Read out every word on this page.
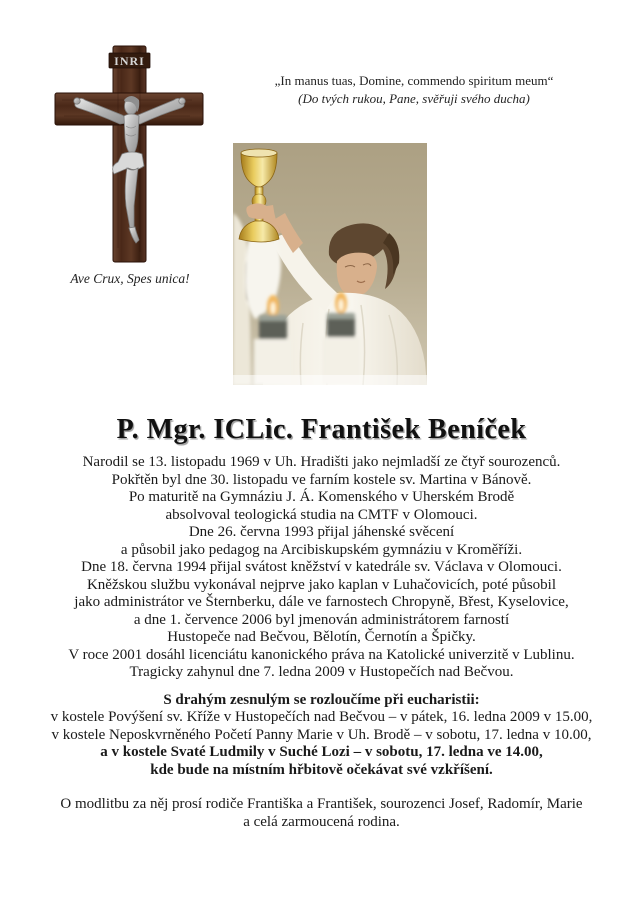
INRI
„In manus tuas, Domine, commendo spiritum meum“
(Do tvých rukou, Pane, svěřuji svého ducha)
Ave Crux, Spes unica!
P. Mgr. ICLic. František Beníček
Narodil se 13. listopadu 1969 v Uh. Hradišti jako nejmladší ze čtyř sourozenců.
Pokřtěn byl dne 30. listopadu ve farním kostele sv. Martina v Bánově.
Po maturitě na Gymnáziu J. Á. Komenského v Uherském Brodě
absolvoval teologická studia na CMTF v Olomouci.
Dne 26. června 1993 přijal jáhenské svěcení
a působil jako pedagog na Arcibiskupském gymnáziu v Kroměříži.
Dne 18. června 1994 přijal svátost kněžství v katedrále sv. Václava v Olomouci.
Kněžskou službu vykonával nejprve jako kaplan v Luhačovicích, poté působil
jako administrátor ve Šternberku, dále ve farnostech Chropyně, Břest, Kyselovice,
a dne 1. července 2006 byl jmenován administrátorem farností
Hustopeče nad Bečvou, Bělotín, Černotín a Špičky.
V roce 2001 dosáhl licenciátu kanonického práva na Katolické univerzitě v Lublinu.
Tragicky zahynul dne 7. ledna 2009 v Hustopečích nad Bečvou.
S drahým zesnulým se rozloučíme při eucharistii:
v kostele Povýšení sv. Kříže v Hustopečích nad Bečvou – v pátek, 16. ledna 2009 v 15.00,
v kostele Neposkvrněného Početí Panny Marie v Uh. Brodě – v sobotu, 17. ledna v 10.00,
a v kostele Svaté Ludmily v Suché Lozi – v sobotu, 17. ledna ve 14.00,
kde bude na místním hřbitově očekávat své vzkříšení.
O modlitbu za něj prosí rodiče Františka a František, sourozenci Josef, Radomír, Marie
a celá zarmoucená rodina.
